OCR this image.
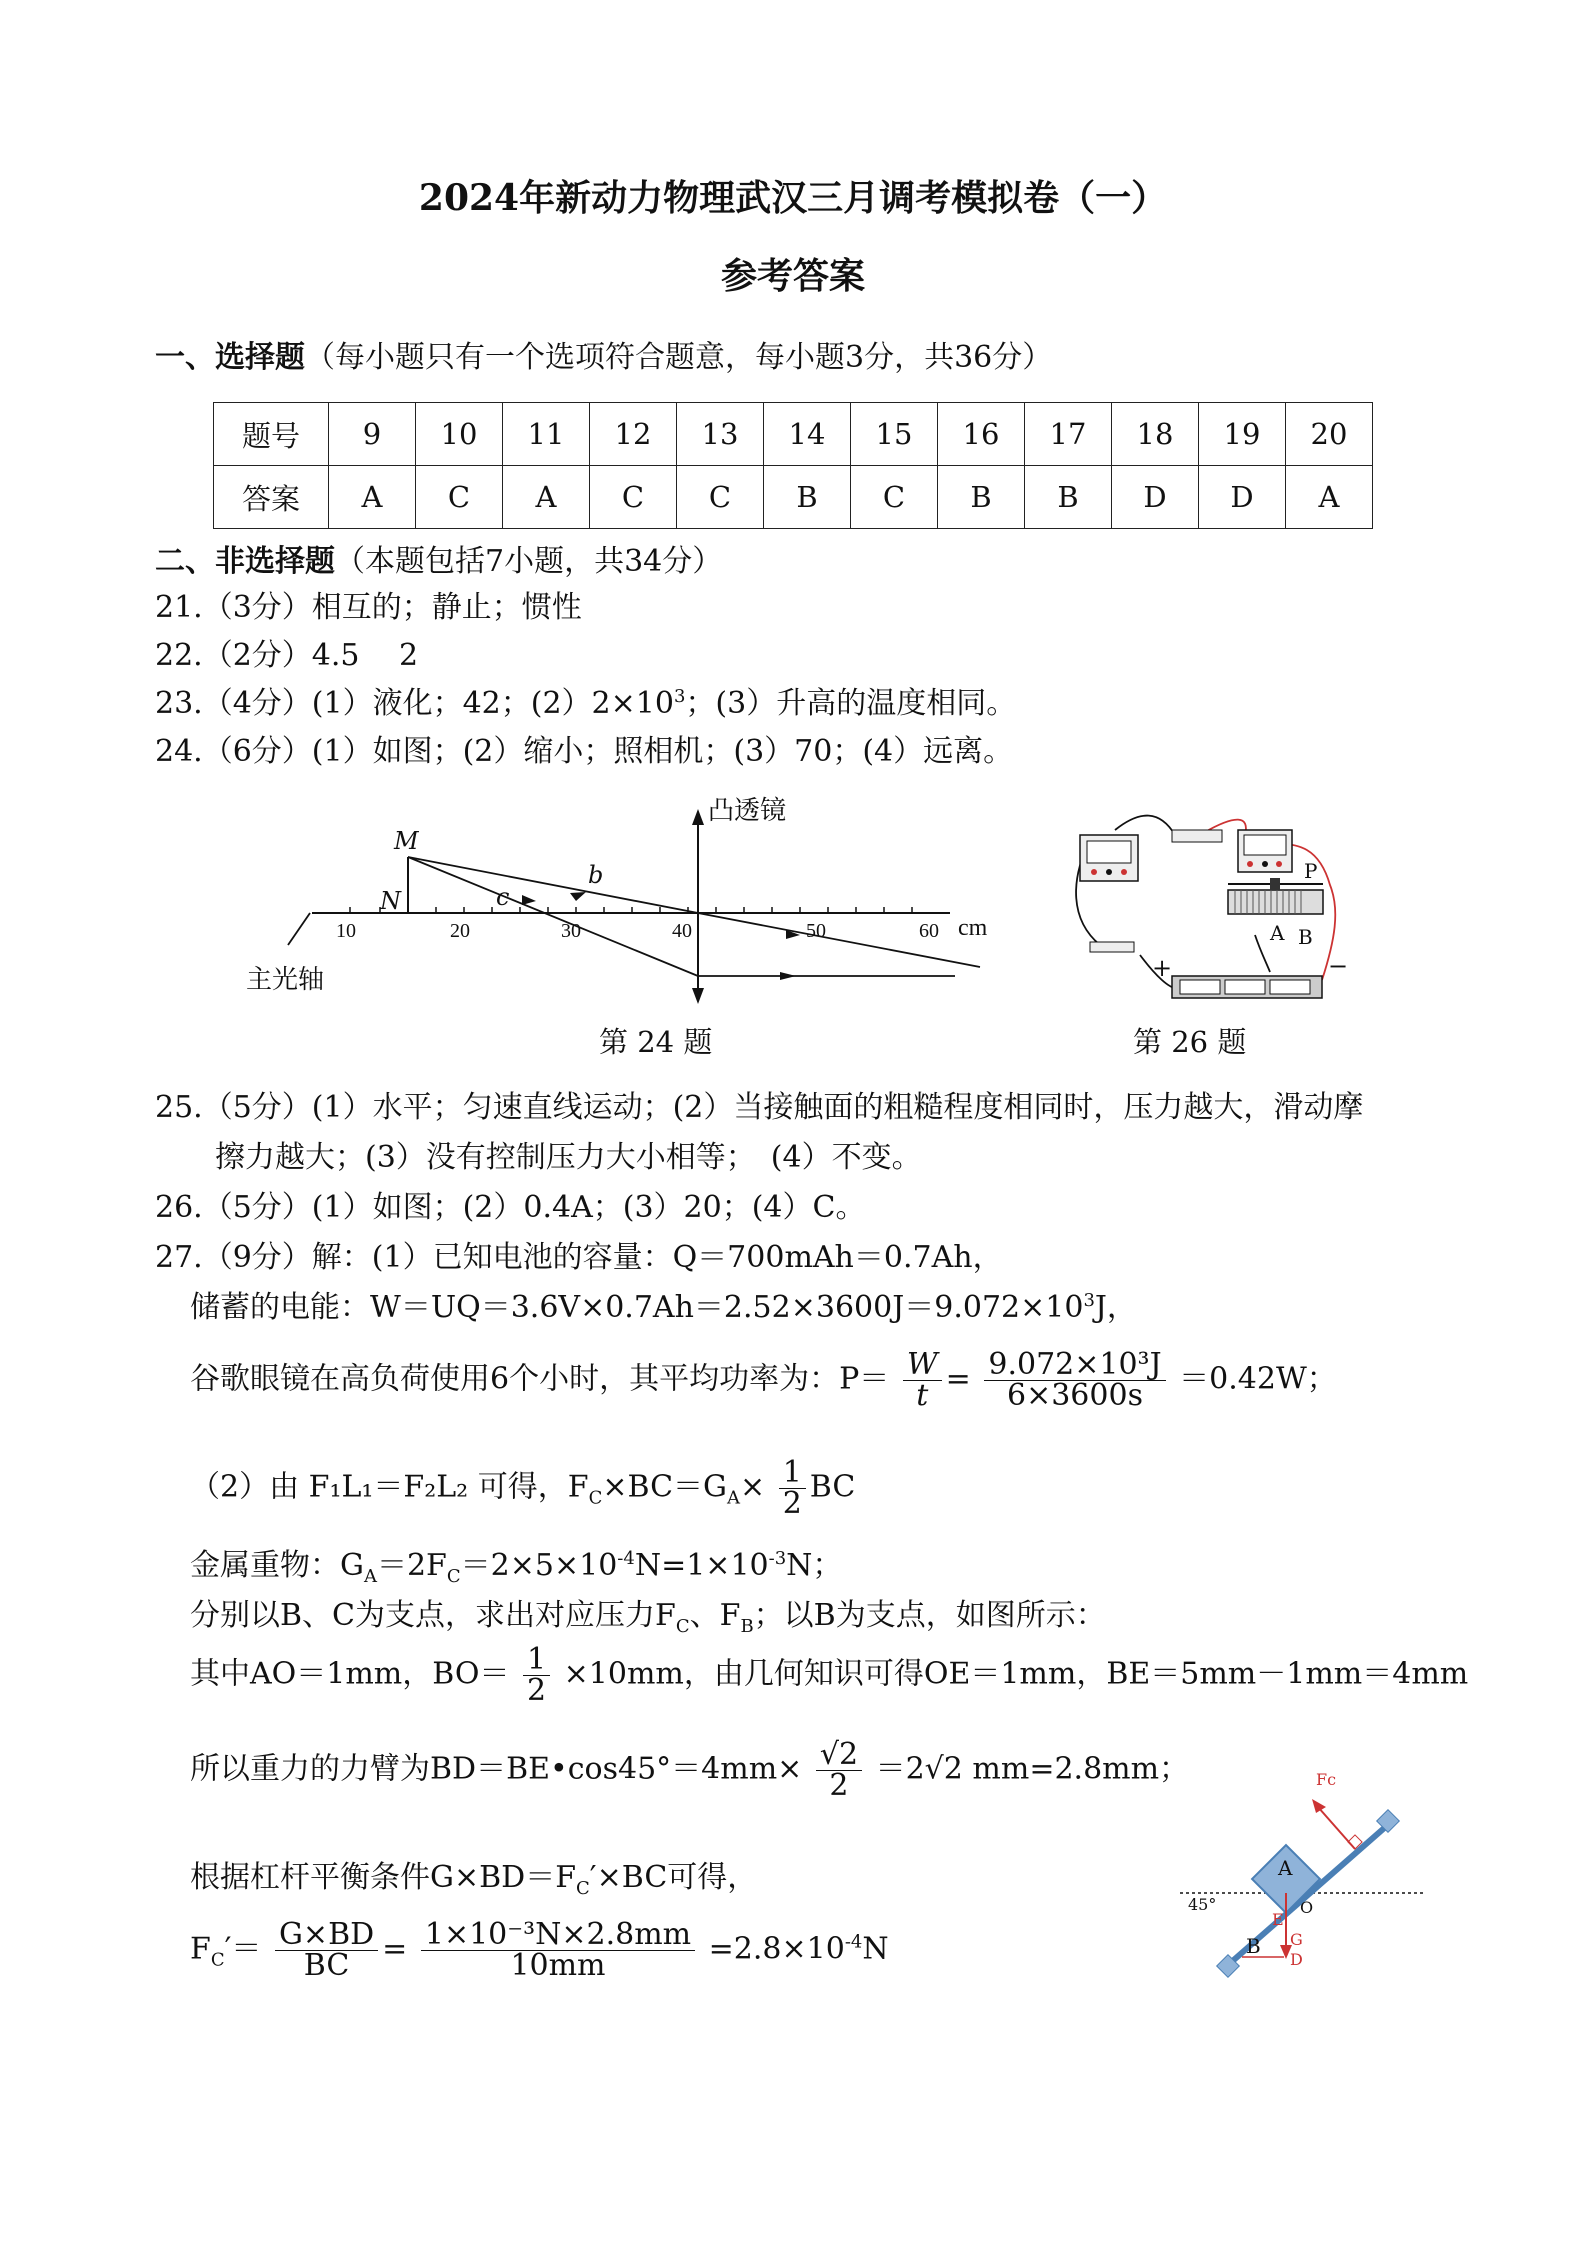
2024年新动力物理武汉三月调考模拟卷（一）
参考答案
一、选择题（每小题只有一个选项符合题意，每小题3分，共36分）
题号	9	10	11	12	13	14	15	16	17	18	19	20
答案	A	C	A	C	C	B	C	B	B	D	D	A
二、非选择题（本题包括7小题，共34分）
21.（3分）相互的；静止；惯性
22.（2分）4.5　 2
23.（4分）(1）液化；42；$(2)2\times 10^3$；(3）升高的温度相同。
24.（6分）(1）如图；(2）缩小；照相机；(3）70；(4）远离。
10	20	30	40	50	60 cm
凸透镜
M
N
b
c
主光轴
第 24 题
P
A B
+	−
第 26 题
25.（5分）(1）水平；匀速直线运动；(2）当接触面的粗糙程度相同时，压力越大，滑动摩
擦力越大；(3）没有控制压力大小相等；　(4）不变。
26.（5分）(1）如图；(2）0.4A；(3）20；(4）C。
27.（9分）解：(1）已知电池的容量：Q＝700mAh＝0.7Ah，
储蓄的电能：$W=UQ=3.6V\times 0.7Ah=2.52\times 3600J=9.072\times 10^3J$，
谷歌眼镜在高负荷使用6个小时，其平均功率为：$P= \frac{W}{t} = \frac{\text{9.072×10³J}}{6\times 3600s} =0.42W$；
（2）由 F₁L₁＝F₂L₂ 可得，$F_C\times BC=G_A\times \frac{1}{2}$ BC
金属重物：$G_A=2F_C=2\times 5\times 10^{-4}N=1\times 10^{-3}N$；
分别以B、C为支点，求出对应压力$F_C$、$F_B$；以B为支点，如图所示：
其中AO＝1mm，$BO= \frac{1}{2} \times 10mm$，由几何知识可得OE＝1mm，BE＝5mm－1mm＝4mm
所以重力的力臂为BD＝BE•cos45°＝4mm× $\frac{√2}{2} =2√2$ mm=2.8mm；
根据杠杆平衡条件$G\times BD=F_C'\times BC$可得，
$F_C'= \frac{G\times BD}{BC} = \frac{\text{1×10⁻³N×2.8mm}}{10mm} =2.8\times 10^{-4}N$
A
Fc
45°
E
O
G
D
B
